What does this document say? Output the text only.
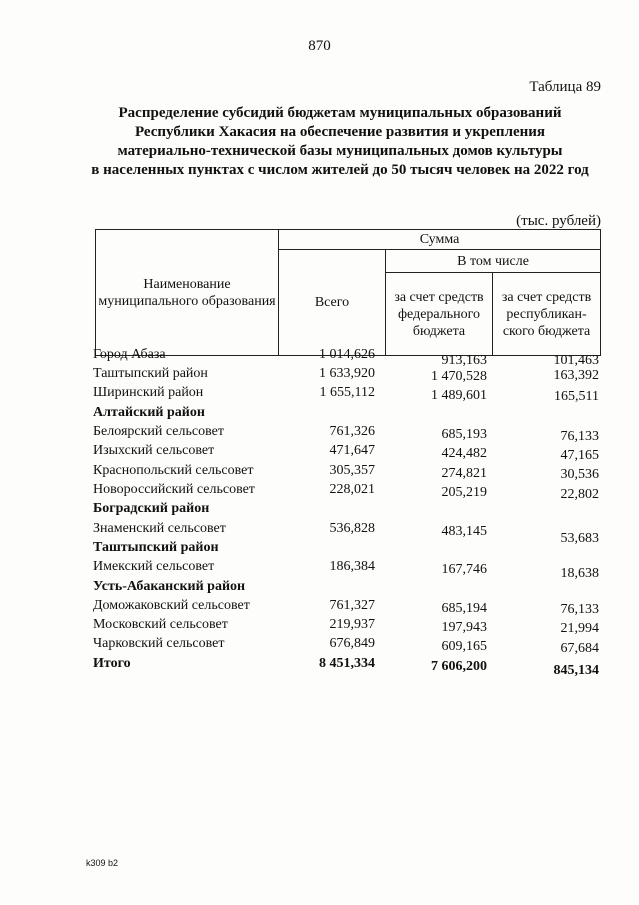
870
Таблица 89
Распределение субсидий бюджетам муниципальных образований
Республики Хакасия на обеспечение развития и укрепления
материально-технической базы муниципальных домов культуры
в населенных пунктах с числом жителей до 50 тысяч человек на 2022 год
(тыс. рублей)
Наименование муниципального образования	Сумма		
	Всего	В том числе	
		за счет средств федерального бюджета	за счет средств республикан-ского бюджета
Город Абаза	1 014,626	913,163	101,463
Таштыпский район	1 633,920	1 470,528	163,392
Ширинский район	1 655,112	1 489,601	165,511
Алтайский район
Белоярский сельсовет	761,326	685,193	76,133
Изыхский сельсовет	471,647	424,482	47,165
Краснопольский сельсовет	305,357	274,821	30,536
Новороссийский сельсовет	228,021	205,219	22,802
Боградский район
Знаменский сельсовет	536,828	483,145	53,683
Таштыпский район
Имекский сельсовет	186,384	167,746	18,638
Усть-Абаканский район
Доможаковский сельсовет	761,327	685,194	76,133
Московский сельсовет	219,937	197,943	21,994
Чарковский сельсовет	676,849	609,165	67,684
Итого	8 451,334	7 606,200	845,134
k309 b2
